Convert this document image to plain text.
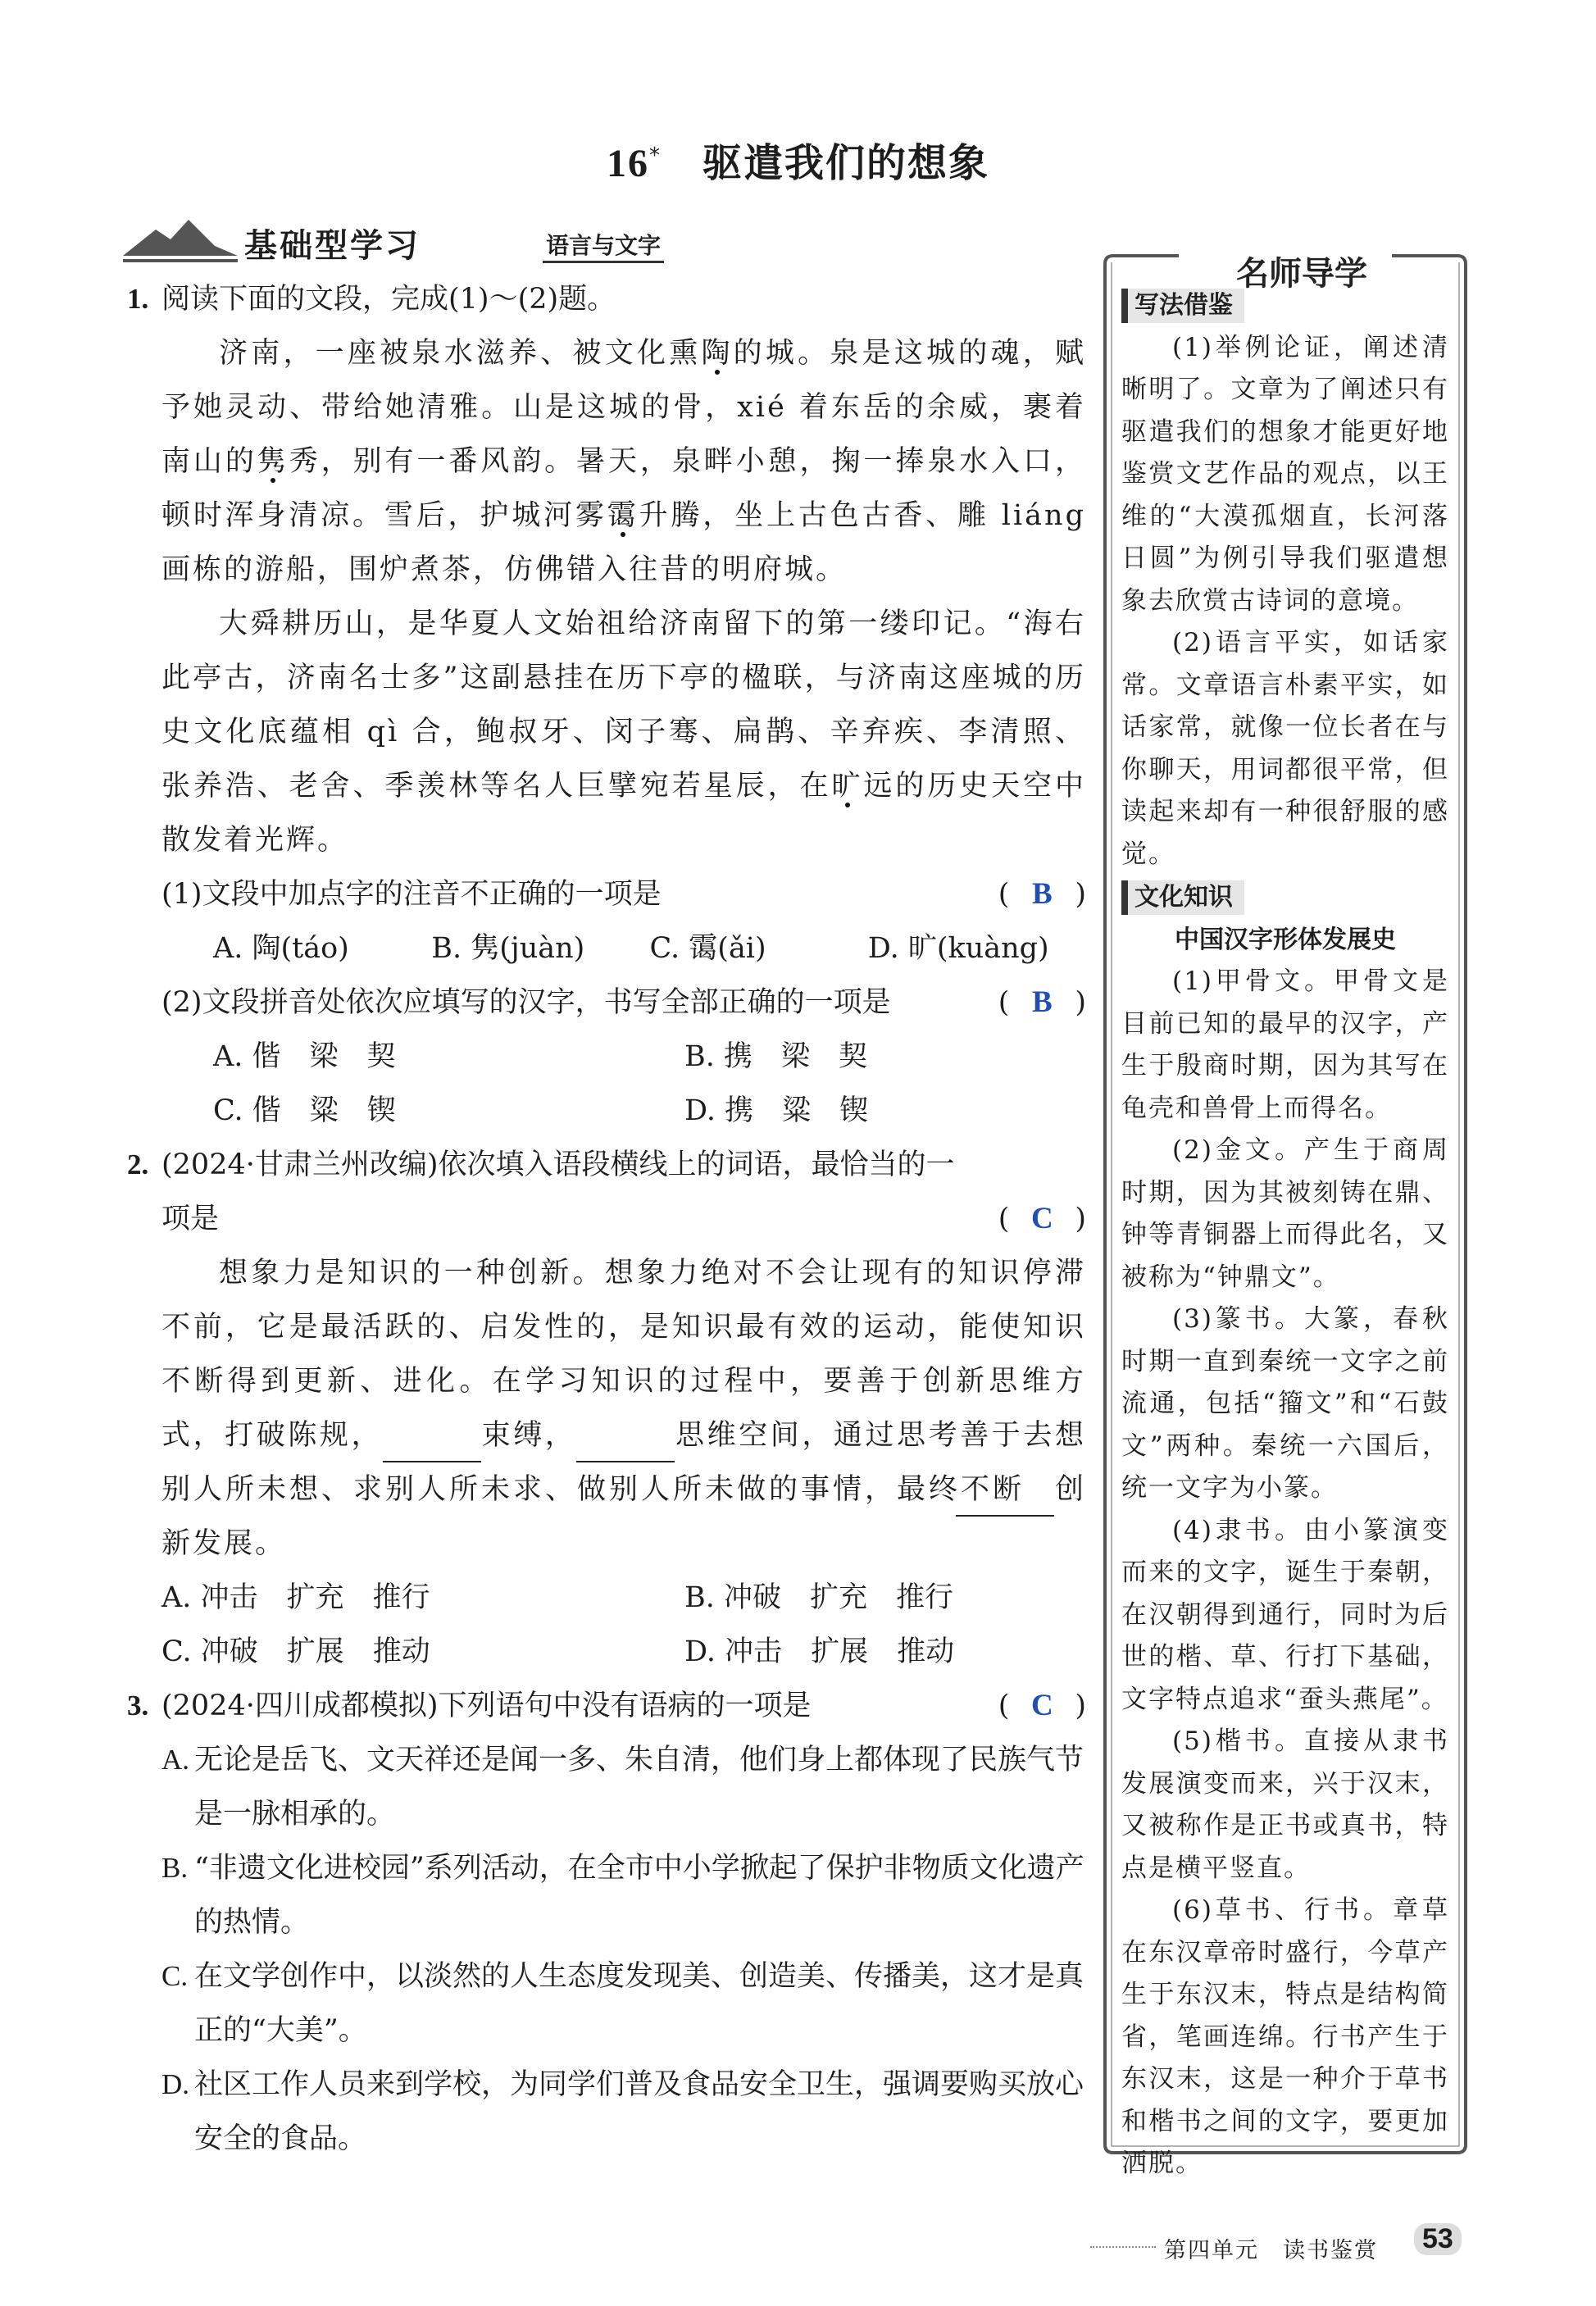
16* 驱遣我们的想象
基础型学习	语言与文字
1. 阅读下面的文段，完成(1)～(2)题。
济南，一座被泉水滋养、被文化熏陶的城。泉是这城的魂，赋予她灵动、带给她清雅。山是这城的骨，xié 着东岳的余威，裹着南山的隽秀，别有一番风韵。暑天，泉畔小憩，掬一捧泉水入口，顿时浑身清凉。雪后，护城河雾霭升腾，坐上古色古香、雕 liáng 画栋的游船，围炉煮茶，仿佛错入往昔的明府城。
大舜耕历山，是华夏人文始祖给济南留下的第一缕印记。“海右此亭古，济南名士多”这副悬挂在历下亭的楹联，与济南这座城的历史文化底蕴相 qì 合，鲍叔牙、闵子骞、扁鹊、辛弃疾、李清照、张养浩、老舍、季羡林等名人巨擘宛若星辰，在旷远的历史天空中散发着光辉。
(1)文段中加点字的注音不正确的一项是	( B )
A. 陶(táo)	B. 隽(juàn)	C. 霭(ǎi)	D. 旷(kuàng)
(2)文段拼音处依次应填写的汉字，书写全部正确的一项是	( B )
A. 偕　梁　契	B. 携　梁　契
C. 偕　粱　锲	D. 携　粱　锲
2. (2024·甘肃兰州改编)依次填入语段横线上的词语，最恰当的一
项是	( C )
想象力是知识的一种创新。想象力绝对不会让现有的知识停滞不前，它是最活跃的、启发性的，是知识最有效的运动，能使知识不断得到更新、进化。在学习知识的过程中，要善于创新思维方式，打破陈规，	束缚，	思维空间，通过思考善于去想别人所未想、求别人所未求、做别人所未做的事情，最终不断 创新发展。
A. 冲击　扩充　推行	B. 冲破　扩充　推行
C. 冲破　扩展　推动	D. 冲击　扩展　推动
3. (2024·四川成都模拟)下列语句中没有语病的一项是	( C )
A. 无论是岳飞、文天祥还是闻一多、朱自清，他们身上都体现了民族气节是一脉相承的。
B. “非遗文化进校园”系列活动，在全市中小学掀起了保护非物质文化遗产的热情。
C. 在文学创作中，以淡然的人生态度发现美、创造美、传播美，这才是真正的“大美”。
D. 社区工作人员来到学校，为同学们普及食品安全卫生，强调要购买放心安全的食品。
名师导学
写法借鉴
(1)举例论证，阐述清晰明了。文章为了阐述只有驱遣我们的想象才能更好地鉴赏文艺作品的观点，以王维的“大漠孤烟直，长河落日圆”为例引导我们驱遣想象去欣赏古诗词的意境。
(2)语言平实，如话家常。文章语言朴素平实，如话家常，就像一位长者在与你聊天，用词都很平常，但读起来却有一种很舒服的感觉。
文化知识
中国汉字形体发展史
(1)甲骨文。甲骨文是目前已知的最早的汉字，产生于殷商时期，因为其写在龟壳和兽骨上而得名。
(2)金文。产生于商周时期，因为其被刻铸在鼎、钟等青铜器上而得此名，又被称为“钟鼎文”。
(3)篆书。大篆，春秋时期一直到秦统一文字之前流通，包括“籀文”和“石鼓文”两种。秦统一六国后，统一文字为小篆。
(4)隶书。由小篆演变而来的文字，诞生于秦朝，在汉朝得到通行，同时为后世的楷、草、行打下基础，文字特点追求“蚕头燕尾”。
(5)楷书。直接从隶书发展演变而来，兴于汉末，又被称作是正书或真书，特点是横平竖直。
(6)草书、行书。章草在东汉章帝时盛行，今草产生于东汉末，特点是结构简省，笔画连绵。行书产生于东汉末，这是一种介于草书和楷书之间的文字，要更加洒脱。
第四单元　读书鉴赏 53
